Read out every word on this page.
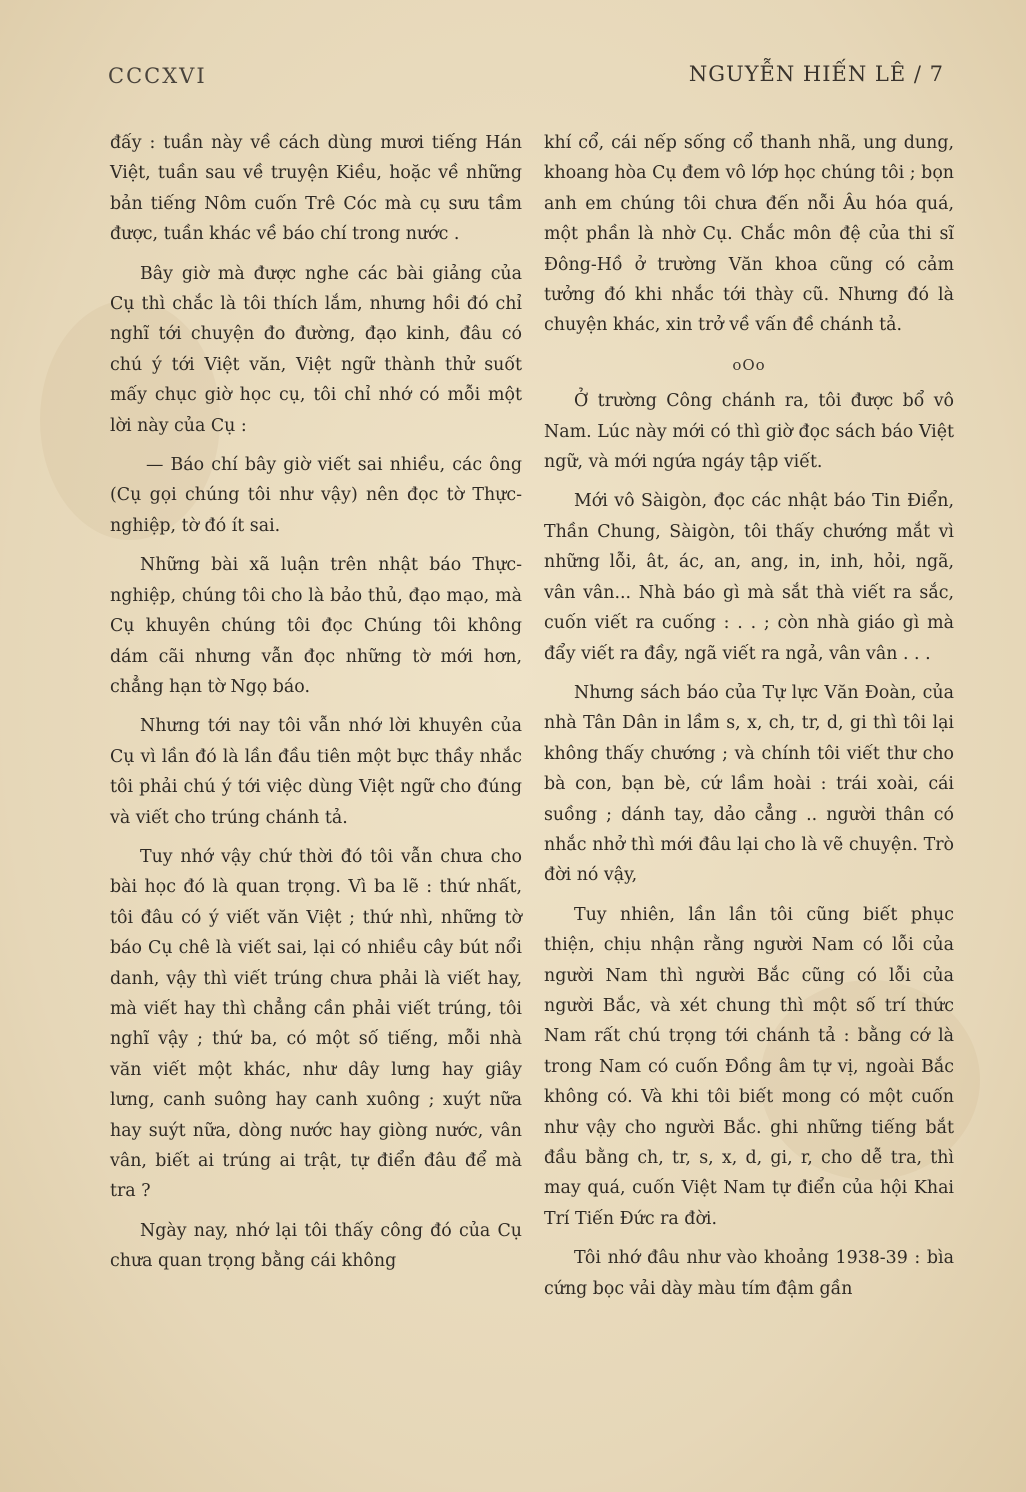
CCCXVI	NGUYỄN HIẾN LÊ / 7

đấy : tuần này về cách dùng mươi tiếng Hán Việt, tuần sau về truyện Kiều, hoặc về những bản tiếng Nôm cuốn Trê Cóc mà cụ sưu tầm được, tuần khác về báo chí trong nước .

Bây giờ mà được nghe các bài giảng của Cụ thì chắc là tôi thích lắm, nhưng hồi đó chỉ nghĩ tới chuyện đo đường, đạo kinh, đâu có chú ý tới Việt văn, Việt ngữ thành thử suốt mấy chục giờ học cụ, tôi chỉ nhớ có mỗi một lời này của Cụ :

— Báo chí bây giờ viết sai nhiều, các ông (Cụ gọi chúng tôi như vậy) nên đọc tờ Thực-nghiệp, tờ đó ít sai.

Những bài xã luận trên nhật báo Thực-nghiệp, chúng tôi cho là bảo thủ, đạo mạo, mà Cụ khuyên chúng tôi đọc Chúng tôi không dám cãi nhưng vẫn đọc những tờ mới hơn, chẳng hạn tờ Ngọ báo.

Nhưng tới nay tôi vẫn nhớ lời khuyên của Cụ vì lần đó là lần đầu tiên một bực thầy nhắc tôi phải chú ý tới việc dùng Việt ngữ cho đúng và viết cho trúng chánh tả.

Tuy nhớ vậy chứ thời đó tôi vẫn chưa cho bài học đó là quan trọng. Vì ba lẽ : thứ nhất, tôi đâu có ý viết văn Việt ; thứ nhì, những tờ báo Cụ chê là viết sai, lại có nhiều cây bút nổi danh, vậy thì viết trúng chưa phải là viết hay, mà viết hay thì chẳng cần phải viết trúng, tôi nghĩ vậy ; thứ ba, có một số tiếng, mỗi nhà văn viết một khác, như dây lưng hay giây lưng, canh suông hay canh xuông ; xuýt nữa hay suýt nữa, dòng nước hay giòng nước, vân vân, biết ai trúng ai trật, tự điển đâu để mà tra ?

Ngày nay, nhớ lại tôi thấy công đó của Cụ chưa quan trọng bằng cái không

khí cổ, cái nếp sống cổ thanh nhã, ung dung, khoang hòa Cụ đem vô lớp học chúng tôi ; bọn anh em chúng tôi chưa đến nỗi Âu hóa quá, một phần là nhờ Cụ. Chắc môn đệ của thi sĩ Đông-Hồ ở trường Văn khoa cũng có cảm tưởng đó khi nhắc tới thày cũ. Nhưng đó là chuyện khác, xin trở về vấn đề chánh tả.

oOo

Ở trường Công chánh ra, tôi được bổ vô Nam. Lúc này mới có thì giờ đọc sách báo Việt ngữ, và mới ngứa ngáy tập viết.

Mới vô Sàigòn, đọc các nhật báo Tin Điển, Thần Chung, Sàigòn, tôi thấy chướng mắt vì những lỗi, ât, ác, an, ang, in, inh, hỏi, ngã, vân vân... Nhà báo gì mà sắt thà viết ra sắc, cuốn viết ra cuống : . . ; còn nhà giáo gì mà đẩy viết ra đầy, ngã viết ra ngả, vân vân . . .

Nhưng sách báo của Tự lực Văn Đoàn, của nhà Tân Dân in lầm s, x, ch, tr, d, gi thì tôi lại không thấy chướng ; và chính tôi viết thư cho bà con, bạn bè, cứ lầm hoài : trái xoài, cái suồng ; dánh tay, dảo cẳng .. người thân có nhắc nhở thì mới đâu lại cho là vẽ chuyện. Trò đời nó vậy,

Tuy nhiên, lần lần tôi cũng biết phục thiện, chịu nhận rằng người Nam có lỗi của người Nam thì người Bắc cũng có lỗi của người Bắc, và xét chung thì một số trí thức Nam rất chú trọng tới chánh tả : bằng cớ là trong Nam có cuốn Đồng âm tự vị, ngoài Bắc không có. Và khi tôi biết mong có một cuốn như vậy cho người Bắc. ghi những tiếng bắt đầu bằng ch, tr, s, x, d, gi, r, cho dễ tra, thì may quá, cuốn Việt Nam tự điển của hội Khai Trí Tiến Đức ra đời.

Tôi nhớ đâu như vào khoảng 1938-39 : bìa cứng bọc vải dày màu tím đậm gần
